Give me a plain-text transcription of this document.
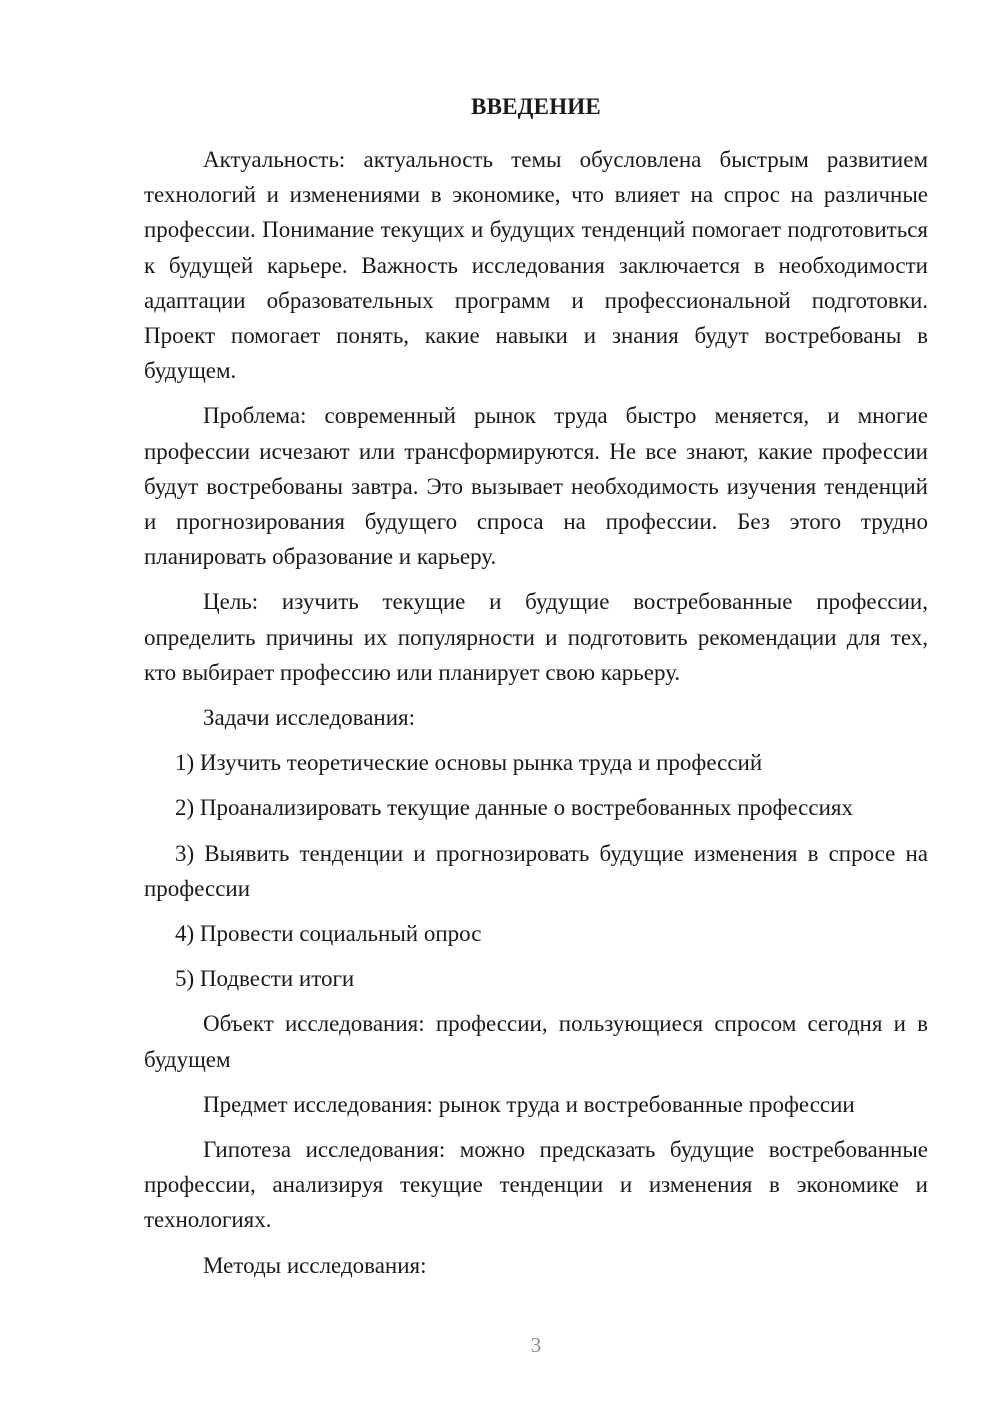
ВВЕДЕНИЕ

Актуальность: актуальность темы обусловлена быстрым развитием технологий и изменениями в экономике, что влияет на спрос на различные профессии. Понимание текущих и будущих тенденций помогает подготовиться к будущей карьере. Важность исследования заключается в необходимости адаптации образовательных программ и профессиональной подготовки. Проект помогает понять, какие навыки и знания будут востребованы в будущем.

Проблема: современный рынок труда быстро меняется, и многие профессии исчезают или трансформируются. Не все знают, какие профессии будут востребованы завтра. Это вызывает необходимость изучения тенденций и прогнозирования будущего спроса на профессии. Без этого трудно планировать образование и карьеру.

Цель: изучить текущие и будущие востребованные профессии, определить причины их популярности и подготовить рекомендации для тех, кто выбирает профессию или планирует свою карьеру.

Задачи исследования:

1) Изучить теоретические основы рынка труда и профессий

2) Проанализировать текущие данные о востребованных профессиях

3) Выявить тенденции и прогнозировать будущие изменения в спросе на профессии

4) Провести социальный опрос

5) Подвести итоги

Объект исследования: профессии, пользующиеся спросом сегодня и в будущем

Предмет исследования: рынок труда и востребованные профессии

Гипотеза исследования: можно предсказать будущие востребованные профессии, анализируя текущие тенденции и изменения в экономике и технологиях.

Методы исследования:

3
